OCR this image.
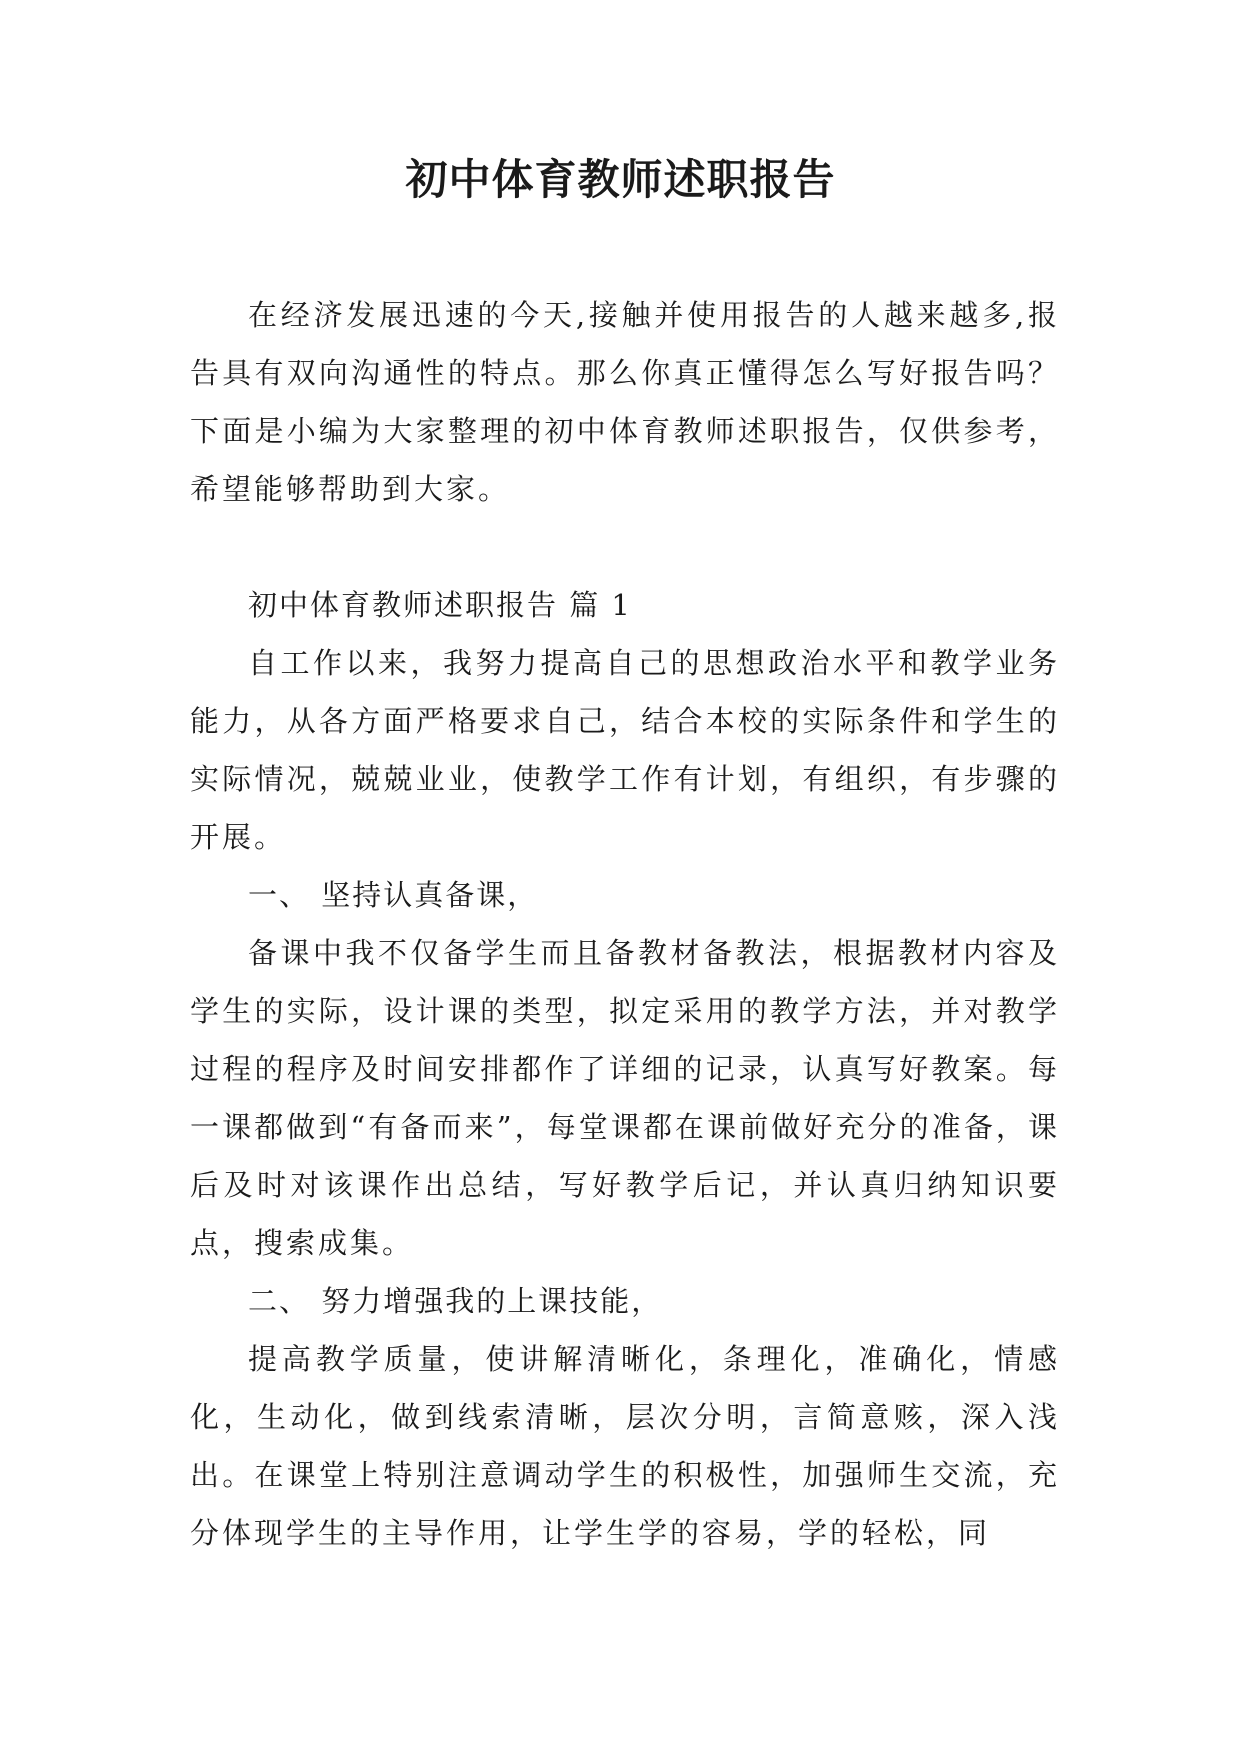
初中体育教师述职报告

在经济发展迅速的今天,接触并使用报告的人越来越多,报告具有双向沟通性的特点。那么你真正懂得怎么写好报告吗？下面是小编为大家整理的初中体育教师述职报告，仅供参考，希望能够帮助到大家。

初中体育教师述职报告 篇 1

自工作以来，我努力提高自己的思想政治水平和教学业务能力，从各方面严格要求自己，结合本校的实际条件和学生的实际情况，兢兢业业，使教学工作有计划，有组织，有步骤的开展。

一、 坚持认真备课，

备课中我不仅备学生而且备教材备教法，根据教材内容及学生的实际，设计课的类型，拟定采用的教学方法，并对教学过程的程序及时间安排都作了详细的记录，认真写好教案。每一课都做到“有备而来”，每堂课都在课前做好充分的准备，课后及时对该课作出总结，写好教学后记，并认真归纳知识要点，搜索成集。

二、 努力增强我的上课技能，

提高教学质量，使讲解清晰化，条理化，准确化，情感化，生动化，做到线索清晰，层次分明，言简意赅，深入浅出。在课堂上特别注意调动学生的积极性，加强师生交流，充分体现学生的主导作用，让学生学的容易，学的轻松，同
